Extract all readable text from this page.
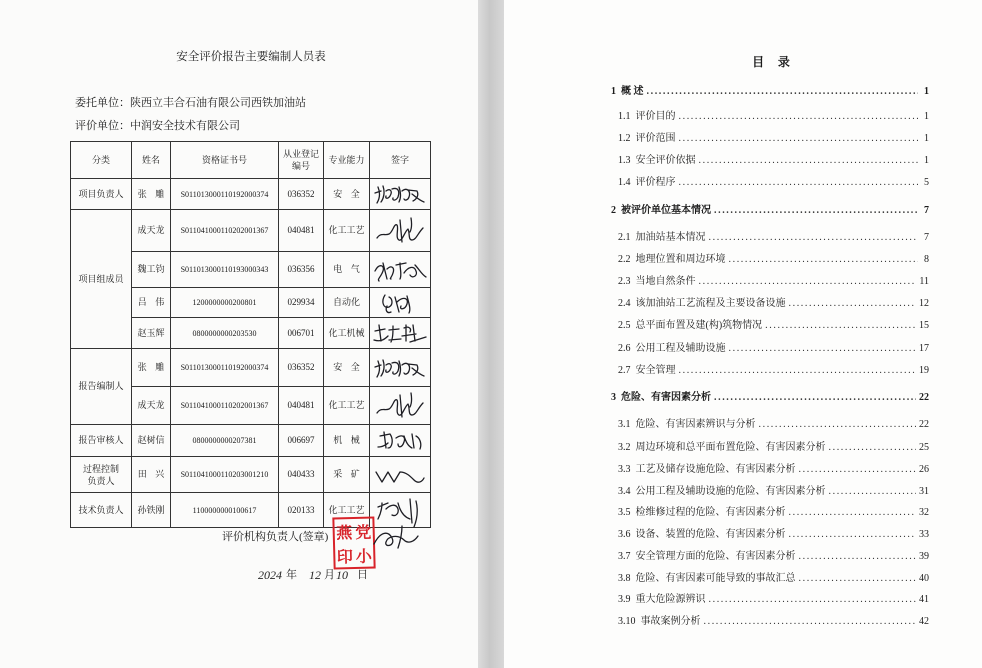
安全评价报告主要编制人员表
委托单位：陕西立丰合石油有限公司西铁加油站
评价单位：中润安全技术有限公司
分类	姓名	资格证书号	从业登记编号	专业能力	签字
项目负责人	张 雕	S011013000110192000374	036352	安 全	

项目组成员	成天龙	S011041000110202001367	040481	化工工艺	

	魏工钧	S011013000110193000343	036356	电 气	

	吕 伟	1200000000200801	029934	自动化	

	赵玉辉	0800000000203530	006701	化工机械	

报告编制人	张 雕	S011013000110192000374	036352	安 全	

	成天龙	S011041000110202001367	040481	化工工艺	

报告审核人	赵树信	0800000000207381	006697	机 械	

过程控制负责人	田 兴	S011041000110203001210	040433	采 矿	

技术负责人	孙铁刚	1100000000100617	020133	化工工艺	
评价机构负责人(签章) 燕 党
印 小
2024 年 12 月 10 日
目 录
1 概 述 .....	1
1.1 评价目的 .....	1
1.2 评价范围 .....	1
1.3 安全评价依据 .....	1
1.4 评价程序 .....	5
2 被评价单位基本情况 .....	7
2.1 加油站基本情况 .....	7
2.2 地理位置和周边环境 .....	8
2.3 当地自然条件 .....	11
2.4 该加油站工艺流程及主要设备设施 .....	12
2.5 总平面布置及建(构)筑物情况 .....	15
2.6 公用工程及辅助设施 .....	17
2.7 安全管理 .....	19
3 危险、有害因素分析 .....	22
3.1 危险、有害因素辨识与分析 .....	22
3.2 周边环境和总平面布置危险、有害因素分析 .....	25
3.3 工艺及储存设施危险、有害因素分析 .....	26
3.4 公用工程及辅助设施的危险、有害因素分析 .....	31
3.5 检维修过程的危险、有害因素分析 .....	32
3.6 设备、装置的危险、有害因素分析 .....	33
3.7 安全管理方面的危险、有害因素分析 .....	39
3.8 危险、有害因素可能导致的事故汇总 .....	40
3.9 重大危险源辨识 .....	41
3.10 事故案例分析 .....	42
